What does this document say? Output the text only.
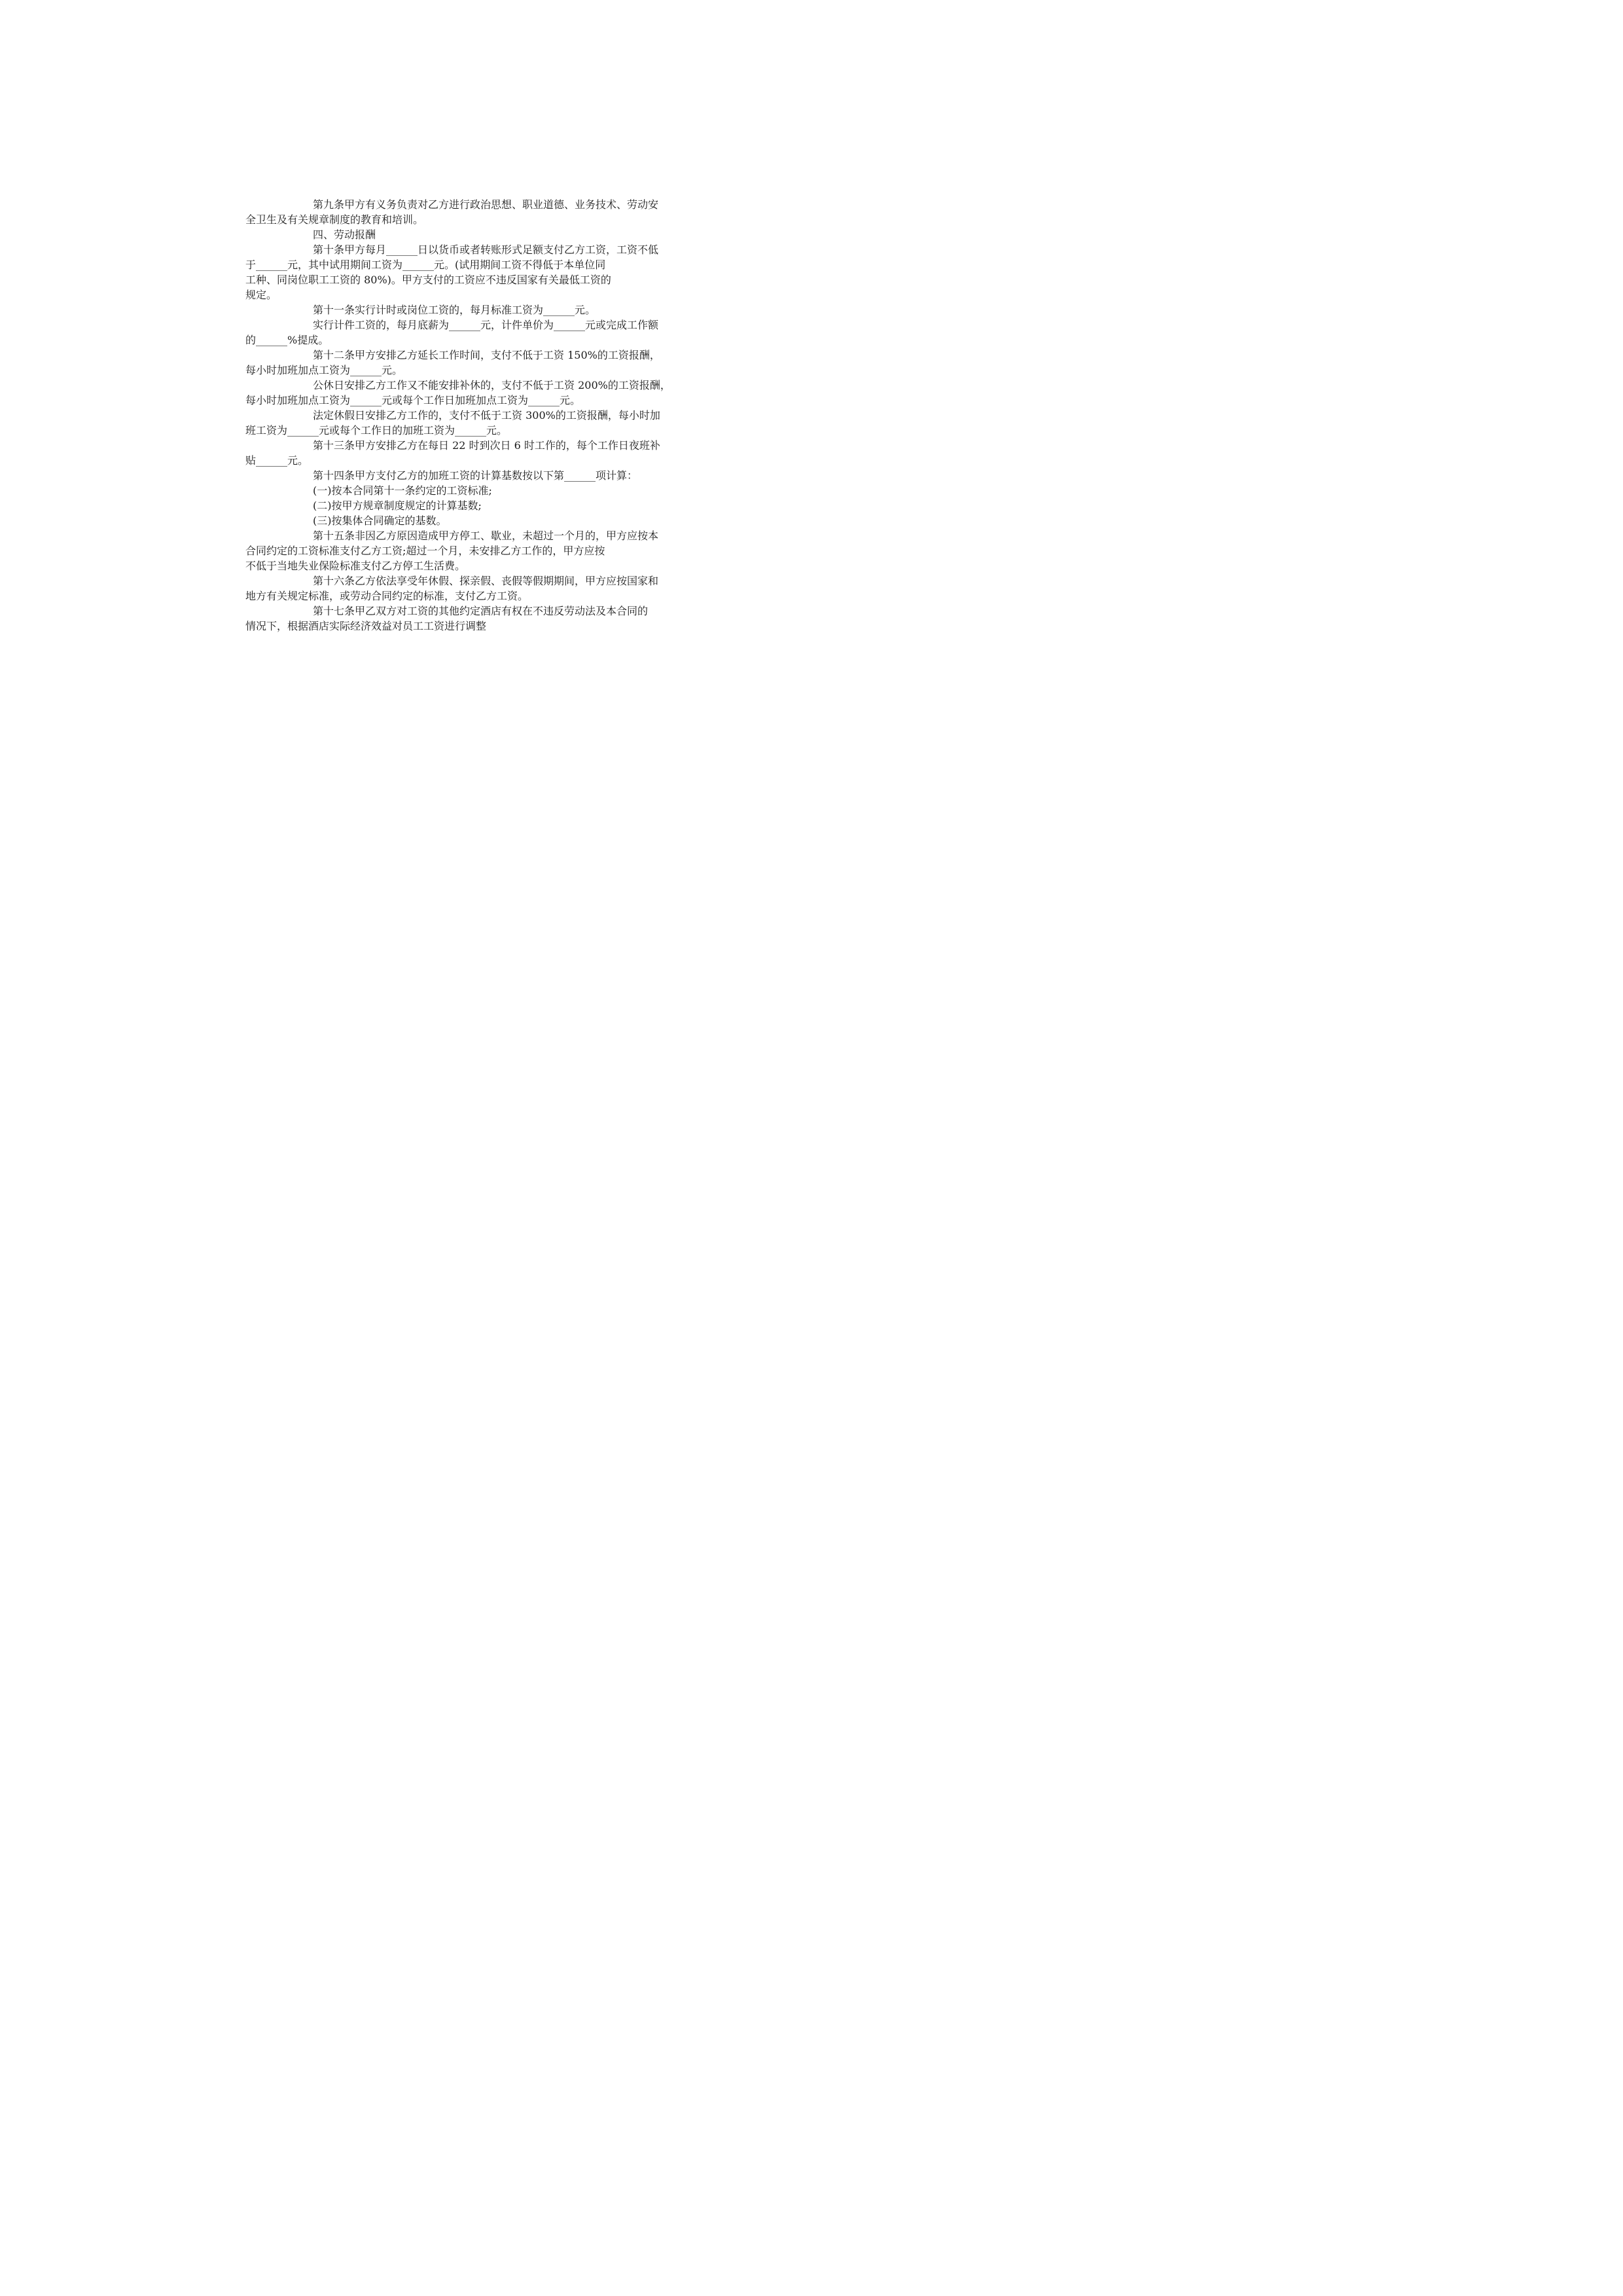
第九条甲方有义务负责对乙方进行政治思想、职业道德、业务技术、劳动安
全卫生及有关规章制度的教育和培训。
四、劳动报酬
第十条甲方每月______日以货币或者转账形式足额支付乙方工资，工资不低
于______元，其中试用期间工资为______元。(试用期间工资不得低于本单位同
工种、同岗位职工工资的 80%)。甲方支付的工资应不违反国家有关最低工资的
规定。
第十一条实行计时或岗位工资的，每月标准工资为______元。
实行计件工资的，每月底薪为______元，计件单价为______元或完成工作额
的______%提成。
第十二条甲方安排乙方延长工作时间，支付不低于工资 150%的工资报酬，
每小时加班加点工资为______元。
公休日安排乙方工作又不能安排补休的，支付不低于工资 200%的工资报酬，
每小时加班加点工资为______元或每个工作日加班加点工资为______元。
法定休假日安排乙方工作的，支付不低于工资 300%的工资报酬，每小时加
班工资为______元或每个工作日的加班工资为______元。
第十三条甲方安排乙方在每日 22 时到次日 6 时工作的，每个工作日夜班补
贴______元。
第十四条甲方支付乙方的加班工资的计算基数按以下第______项计算：
(一)按本合同第十一条约定的工资标准;
(二)按甲方规章制度规定的计算基数;
(三)按集体合同确定的基数。
第十五条非因乙方原因造成甲方停工、歇业，未超过一个月的，甲方应按本
合同约定的工资标准支付乙方工资;超过一个月，未安排乙方工作的，甲方应按
不低于当地失业保险标准支付乙方停工生活费。
第十六条乙方依法享受年休假、探亲假、丧假等假期期间，甲方应按国家和
地方有关规定标准，或劳动合同约定的标准，支付乙方工资。
第十七条甲乙双方对工资的其他约定酒店有权在不违反劳动法及本合同的
情况下，根据酒店实际经济效益对员工工资进行调整
